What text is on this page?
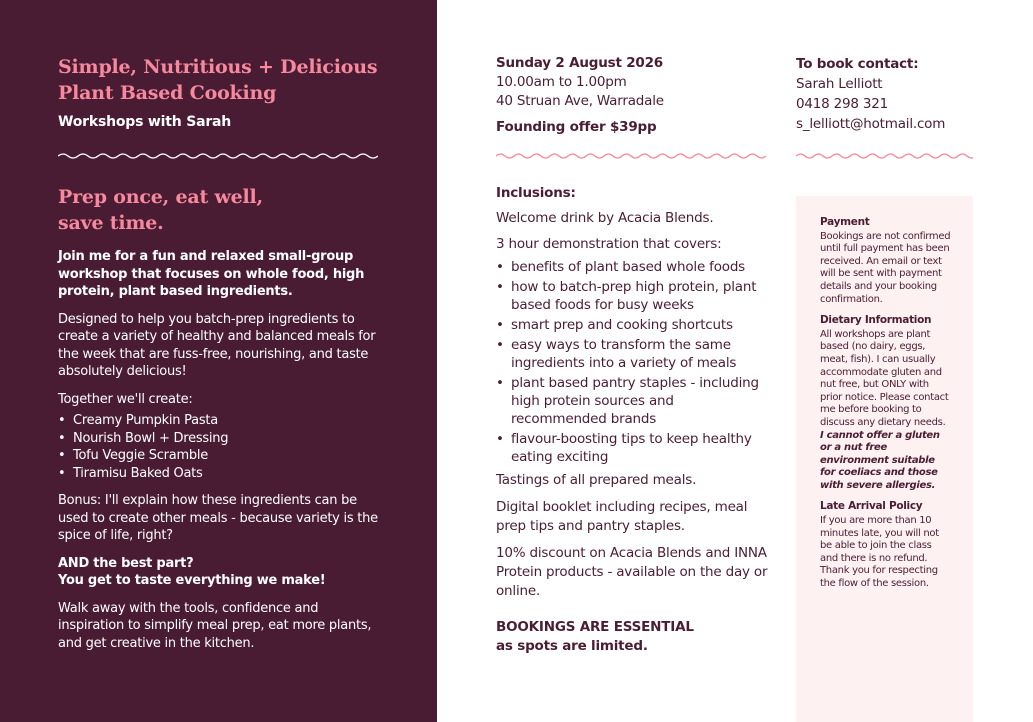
Simple, Nutritious + Delicious
Plant Based Cooking
Workshops with Sarah
Prep once, eat well,
save time.

Join me for a fun and relaxed small-group workshop that focuses on whole food, high protein, plant based ingredients.

Designed to help you batch-prep ingredients to create a variety of healthy and balanced meals for the week that are fuss-free, nourishing, and taste absolutely delicious!

Together we'll create:

• Creamy Pumpkin Pasta
• Nourish Bowl + Dressing
• Tofu Veggie Scramble
• Tiramisu Baked Oats

Bonus: I'll explain how these ingredients can be used to create other meals - because variety is the spice of life, right?

AND the best part?
You get to taste everything we make!

Walk away with the tools, confidence and inspiration to simplify meal prep, eat more plants, and get creative in the kitchen.

Sunday 2 August 2026
10.00am to 1.00pm
40 Struan Ave, Warradale
Founding offer $39pp
Inclusions:
Welcome drink by Acacia Blends.
3 hour demonstration that covers:
• benefits of plant based whole foods
• how to batch-prep high protein, plant based foods for busy weeks
• smart prep and cooking shortcuts
• easy ways to transform the same ingredients into a variety of meals
• plant based pantry staples - including high protein sources and recommended brands
• flavour-boosting tips to keep healthy eating exciting
Tastings of all prepared meals.
Digital booklet including recipes, meal prep tips and pantry staples.
10% discount on Acacia Blends and INNA Protein products - available on the day or online.
BOOKINGS ARE ESSENTIAL
as spots are limited.
To book contact:
Sarah Lelliott
0418 298 321
s_lelliott@hotmail.com
Payment
Bookings are not confirmed until full payment has been received. An email or text will be sent with payment details and your booking confirmation.
Dietary Information
All workshops are plant based (no dairy, eggs, meat, fish). I can usually accommodate gluten and nut free, but ONLY with prior notice. Please contact me before booking to discuss any dietary needs. I cannot offer a gluten or a nut free environment suitable for coeliacs and those with severe allergies.
Late Arrival Policy
If you are more than 10 minutes late, you will not be able to join the class and there is no refund. Thank you for respecting the flow of the session.
